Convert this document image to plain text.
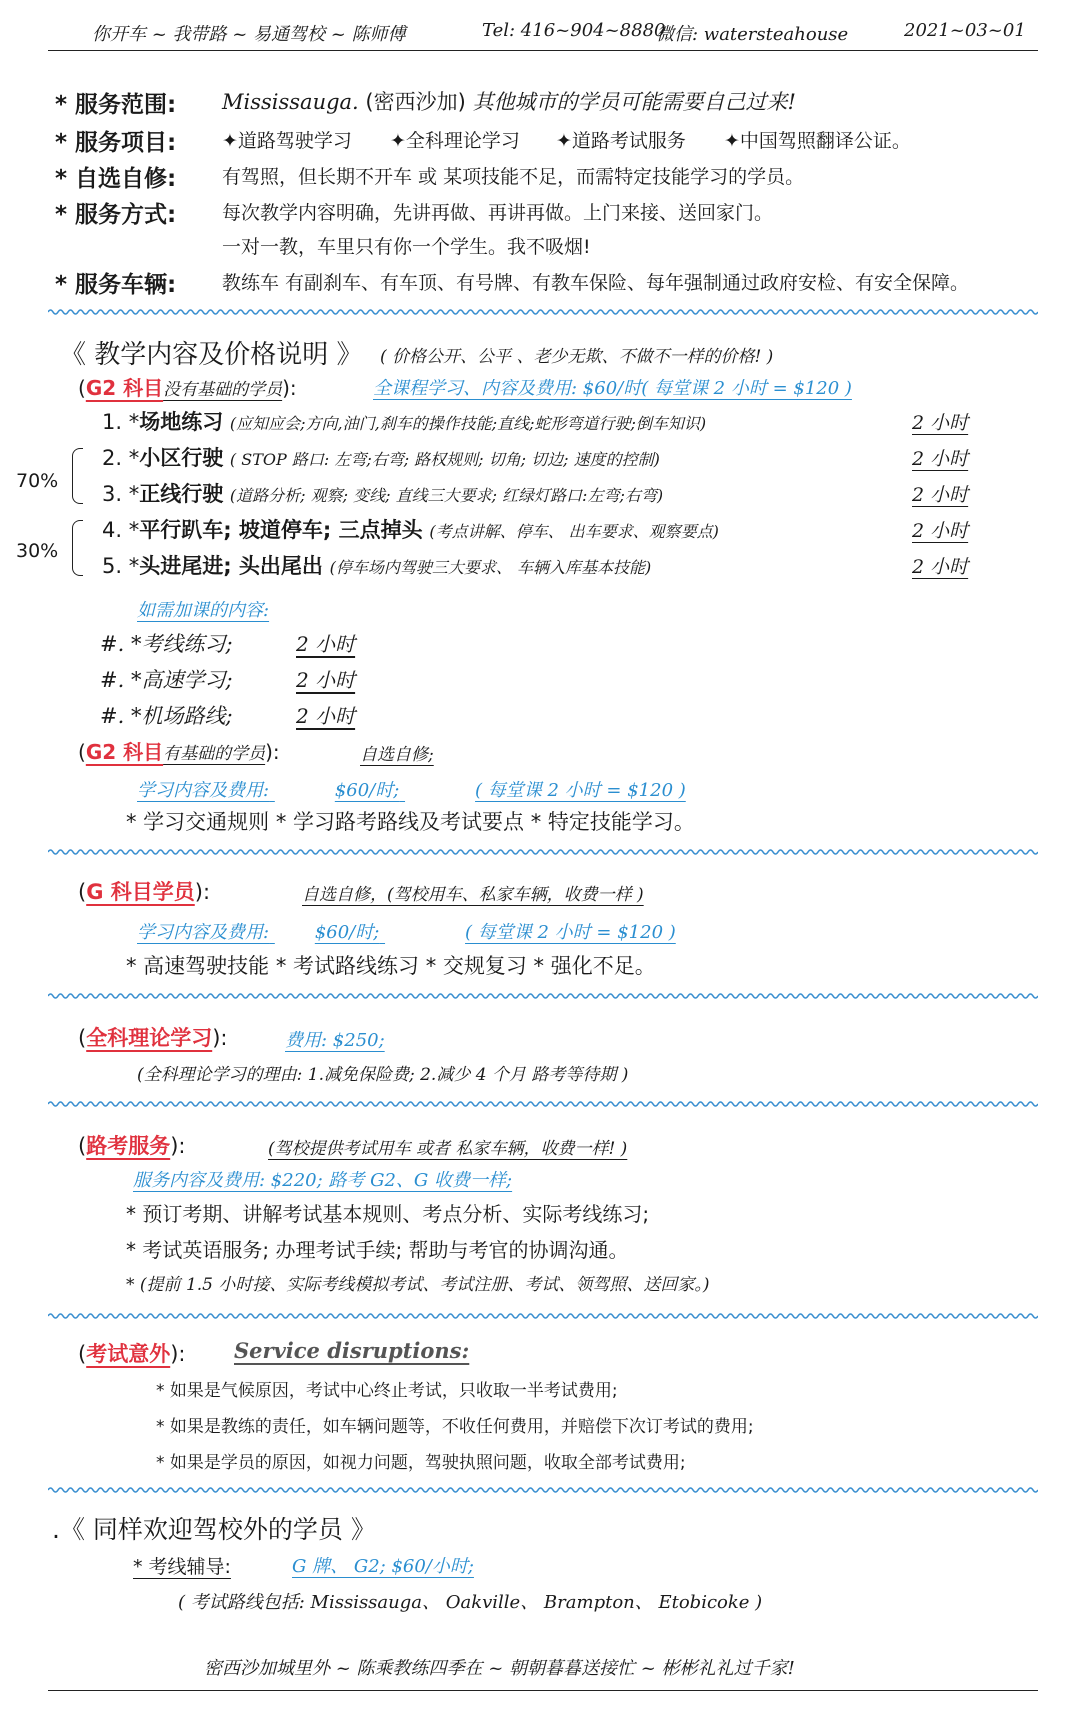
你开车 ~ 我带路 ~ 易通驾校 ~ 陈师傅	Tel: 416~904~8880
微信: watersteahouse	2021~03~01
* 服务范围: Mississauga. (密西沙加) 其他城市的学员可能需要自己过来!
* 服务项目: ✦道路驾驶学习 ✦全科理论学习 ✦道路考试服务 ✦中国驾照翻译公证。
* 自选自修: 有驾照，但长期不开车 或 某项技能不足，而需特定技能学习的学员。
* 服务方式: 每次教学内容明确，先讲再做、再讲再做。上门来接、送回家门。
一对一教，车里只有你一个学生。我不吸烟!
* 服务车辆: 教练车 有副刹车、有车顶、有号牌、有教车保险、每年强制通过政府安检、有安全保障。
《 教学内容及价格说明 》 ( 价格公开、公平 、老少无欺、不做不一样的价格! )
(G2 科目没有基础的学员):	全课程学习、内容及费用: $60/时( 每堂课 2 小时 = $120 )
1. *场地练习 (应知应会;方向,油门,刹车的操作技能;直线;蛇形弯道行驶;倒车知识)	2 小时
2. *小区行驶 ( STOP 路口: 左弯;右弯; 路权规则; 切角; 切边; 速度的控制)	2 小时
3. *正线行驶 (道路分析; 观察; 变线; 直线三大要求; 红绿灯路口:左弯;右弯)	2 小时
4. *平行趴车; 坡道停车; 三点掉头 (考点讲解、停车、 出车要求、观察要点)	2 小时
5. *头进尾进; 头出尾出 (停车场内驾驶三大要求、 车辆入库基本技能)	2 小时
70%
30%
如需加课的内容:
#. *考线练习;	2 小时
#. *高速学习;	2 小时
#. *机场路线;	2 小时
(G2 科目有基础的学员):	自选自修;
学习内容及费用:	$60/时;	( 每堂课 2 小时 = $120 )
* 学习交通规则 * 学习路考路线及考试要点 * 特定技能学习。
(G 科目学员):	自选自修，(驾校用车、私家车辆，收费一样 )
学习内容及费用:	$60/时;	( 每堂课 2 小时 = $120 )
* 高速驾驶技能 * 考试路线练习 * 交规复习 * 强化不足。
(全科理论学习):	费用: $250;
(全科理论学习的理由: 1.减免保险费; 2.减少 4 个月 路考等待期 )
(路考服务):	(驾校提供考试用车 或者 私家车辆，收费一样! )
服务内容及费用: $220; 路考 G2、G 收费一样;
* 预订考期、讲解考试基本规则、考点分析、实际考线练习;
* 考试英语服务; 办理考试手续; 帮助与考官的协调沟通。
* (提前 1.5 小时接、实际考线模拟考试、考试注册、考试、领驾照、送回家。)
(考试意外): Service disruptions:
* 如果是气候原因，考试中心终止考试，只收取一半考试费用;
* 如果是教练的责任，如车辆问题等，不收任何费用，并赔偿下次订考试的费用;
* 如果是学员的原因，如视力问题，驾驶执照问题，收取全部考试费用;
.《 同样欢迎驾校外的学员 》
* 考线辅导:	G 牌、 G2; $60/小时;
( 考试路线包括: Mississauga、 Oakville、 Brampton、 Etobicoke )
密西沙加城里外 ~ 陈乘教练四季在 ~ 朝朝暮暮送接忙 ~ 彬彬礼礼过千家!
